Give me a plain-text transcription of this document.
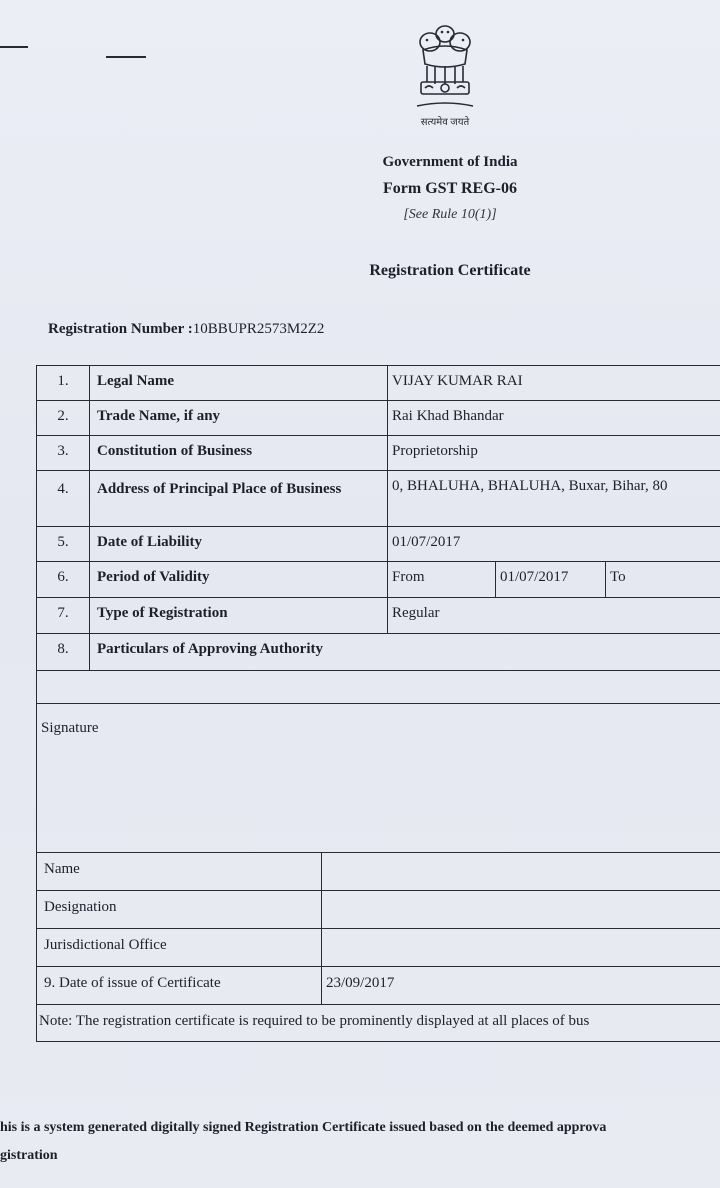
सत्यमेव जयते
Government of India
Form GST REG-06
[See Rule 10(1)]
Registration Certificate
Registration Number :10BBUPR2573M2Z2
1.	Legal Name	VIJAY KUMAR RAI
2.	Trade Name, if any	Rai Khad Bhandar
3.	Constitution of Business	Proprietorship
4.	Address of Principal Place of Business	0, BHALUHA, BHALUHA, Buxar, Bihar, 80
5.	Date of Liability	01/07/2017
6.	Period of Validity	From	01/07/2017	To
7.	Type of Registration	Regular
8.	Particulars of Approving Authority
Signature
Name
Designation
Jurisdictional Office
9. Date of issue of Certificate	23/09/2017
Note: The registration certificate is required to be prominently displayed at all places of bus
his is a system generated digitally signed Registration Certificate issued based on the deemed approva
gistration
